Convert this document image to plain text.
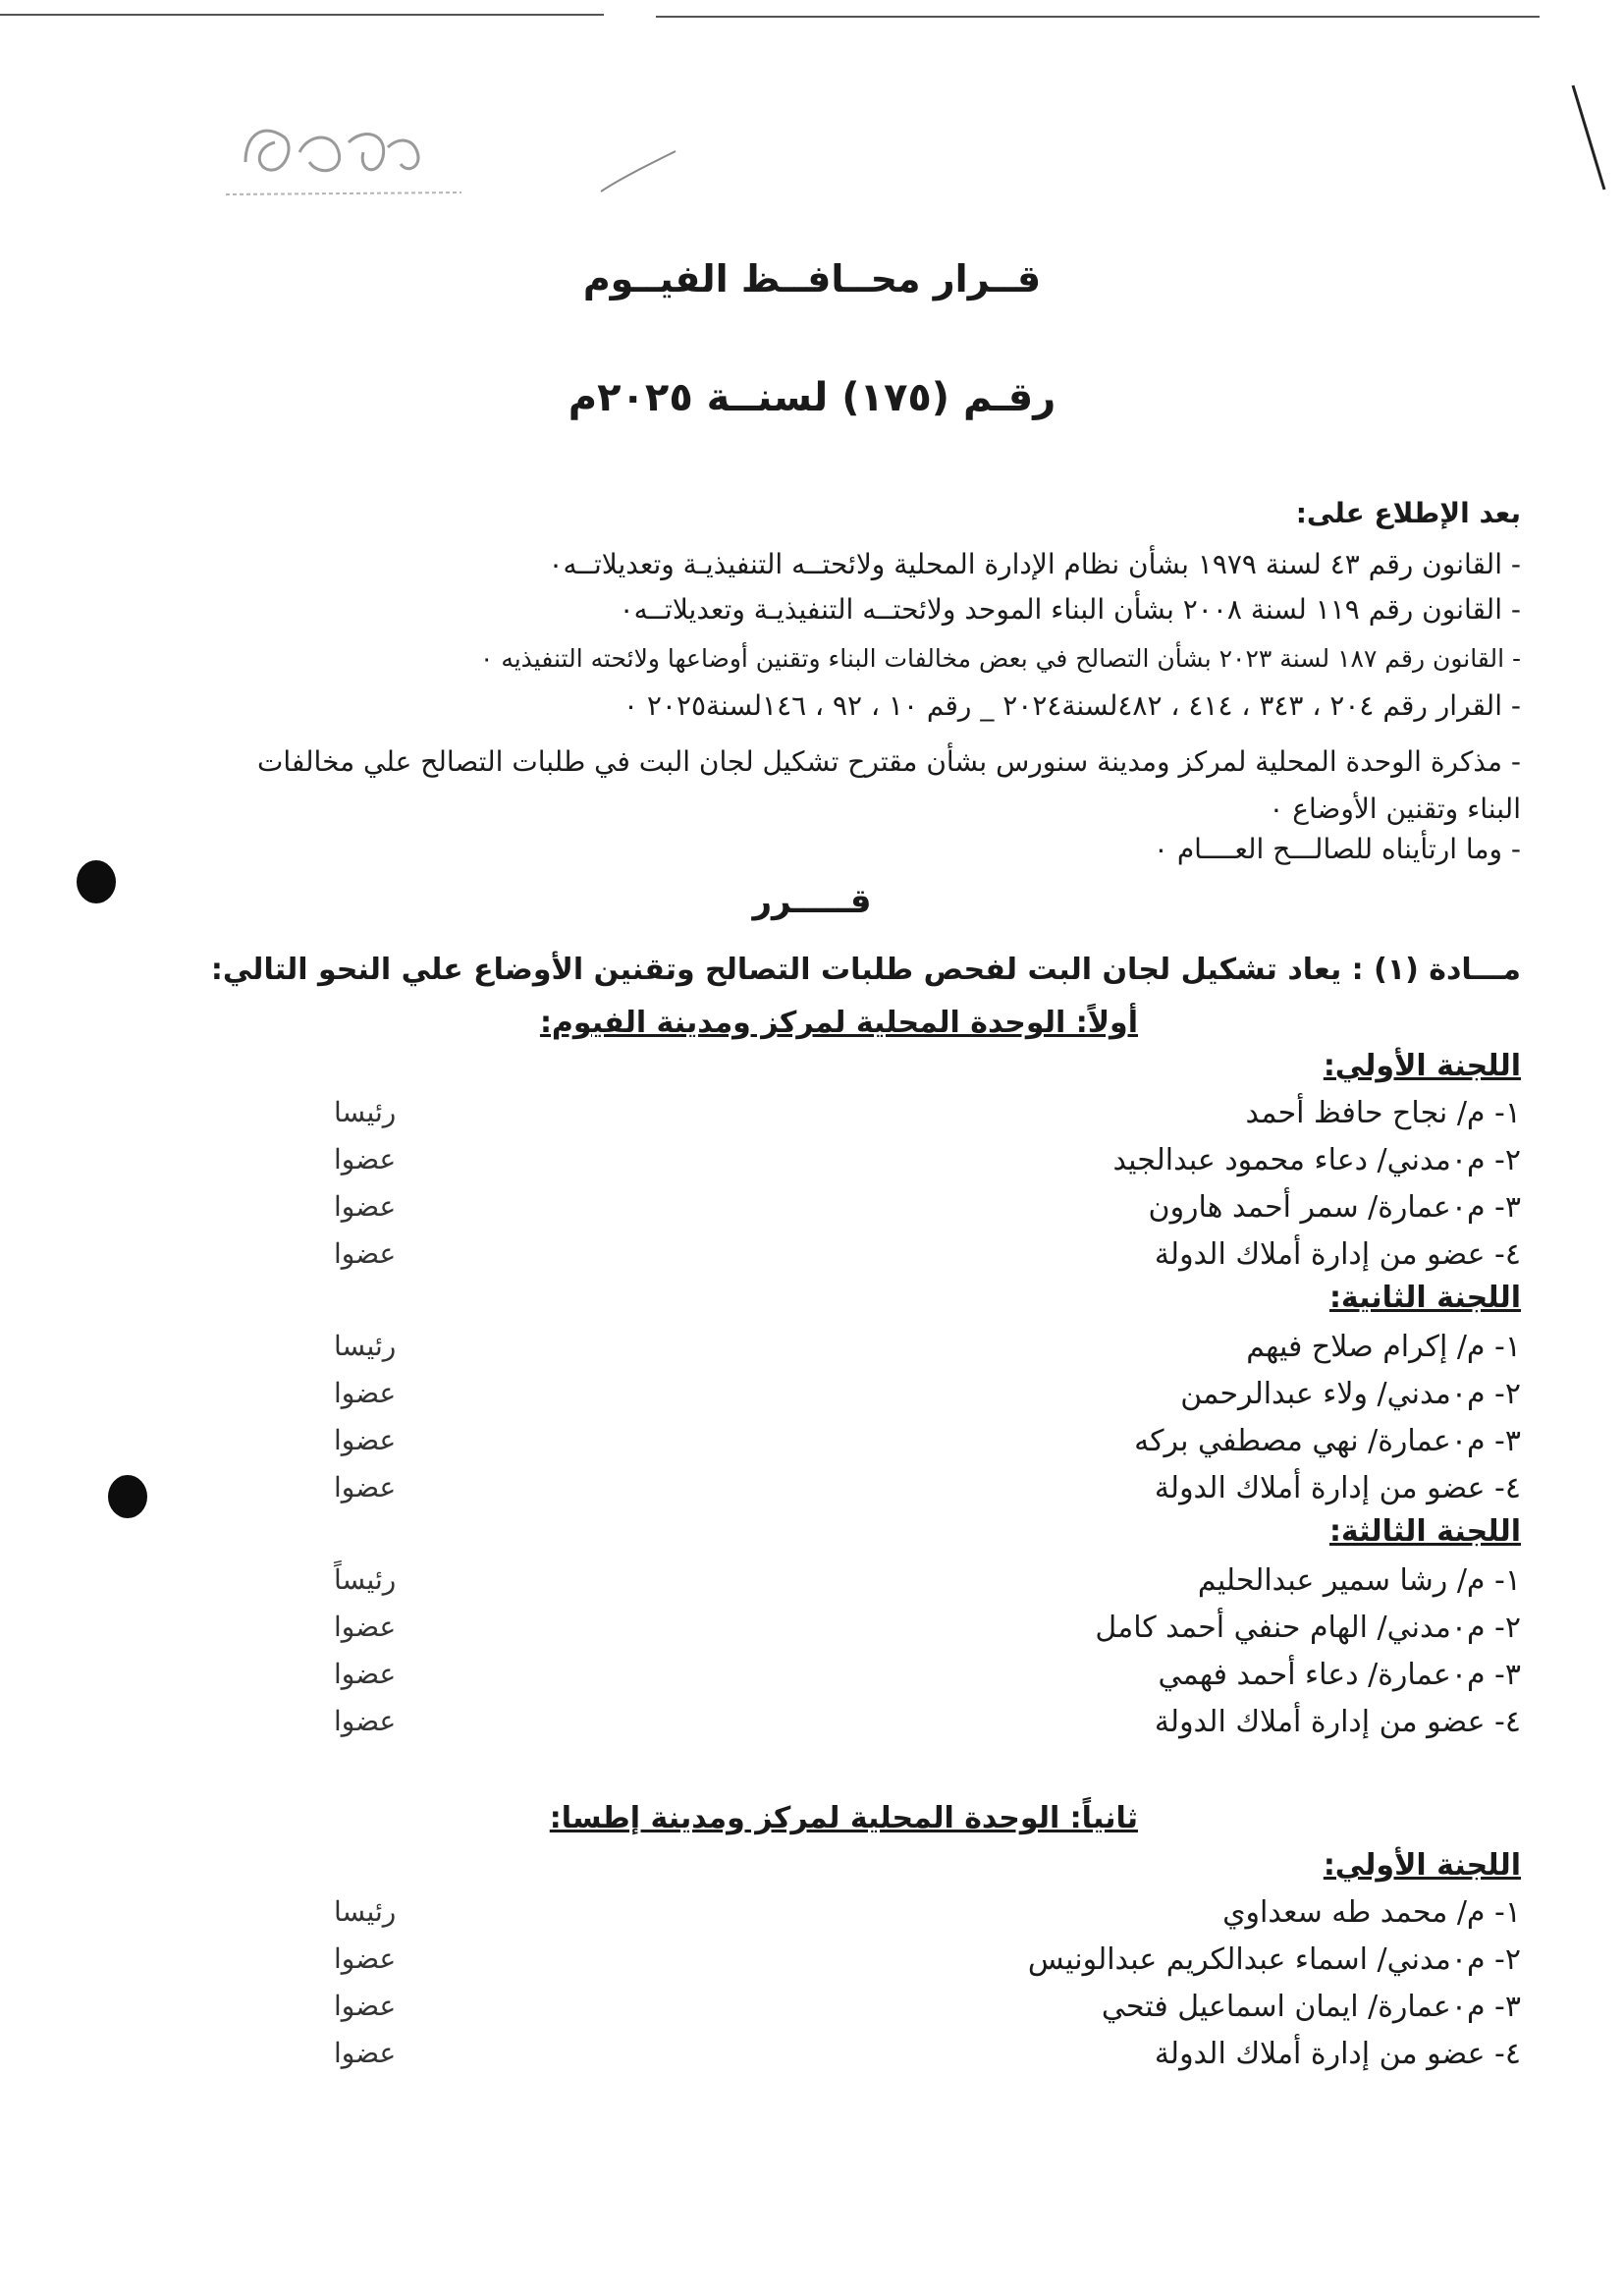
قــرار محــافــظ الفيــوم
رقـم (١٧٥) لسنــة ٢٠٢٥م
بعد الإطلاع على:
- القانون رقم ٤٣ لسنة ١٩٧٩ بشأن نظام الإدارة المحلية ولائحتــه التنفيذيـة وتعديلاتــه٠
- القانون رقم ١١٩ لسنة ٢٠٠٨ بشأن البناء الموحد ولائحتــه التنفيذيـة وتعديلاتــه٠
- القانون رقم ١٨٧ لسنة ٢٠٢٣ بشأن التصالح في بعض مخالفات البناء وتقنين أوضاعها ولائحته التنفيذيه ٠
- القرار رقم ٢٠٤ ، ٣٤٣ ، ٤١٤ ، ٤٨٢لسنة٢٠٢٤ _ رقم ١٠ ، ٩٢ ، ١٤٦لسنة٢٠٢٥ ٠
- مذكرة الوحدة المحلية لمركز ومدينة سنورس بشأن مقترح تشكيل لجان البت في طلبات التصالح علي مخالفات البناء وتقنين الأوضاع ٠
- وما ارتأيناه للصالـــح العــــام ٠
قـــــرر
مـــادة (١) : يعاد تشكيل لجان البت لفحص طلبات التصالح وتقنين الأوضاع علي النحو التالي:
أولاً: الوحدة المحلية لمركز ومدينة الفيوم:
اللجنة الأولي:
١- م/ نجاح حافظ أحمد
رئيسا
٢- م٠مدني/ دعاء محمود عبدالجيد
عضوا
٣- م٠عمارة/ سمر أحمد هارون
عضوا
٤- عضو من إدارة أملاك الدولة
عضوا
اللجنة الثانية:
١- م/ إكرام صلاح فيهم
رئيسا
٢- م٠مدني/ ولاء عبدالرحمن
عضوا
٣- م٠عمارة/ نهي مصطفي بركه
عضوا
٤- عضو من إدارة أملاك الدولة
عضوا
اللجنة الثالثة:
١- م/ رشا سمير عبدالحليم
رئيساً
٢- م٠مدني/ الهام حنفي أحمد كامل
عضوا
٣- م٠عمارة/ دعاء أحمد فهمي
عضوا
٤- عضو من إدارة أملاك الدولة
عضوا
ثانياً: الوحدة المحلية لمركز ومدينة إطسا:
اللجنة الأولي:
١- م/ محمد طه سعداوي
رئيسا
٢- م٠مدني/ اسماء عبدالكريم عبدالونيس
عضوا
٣- م٠عمارة/ ايمان اسماعيل فتحي
عضوا
٤- عضو من إدارة أملاك الدولة
عضوا
